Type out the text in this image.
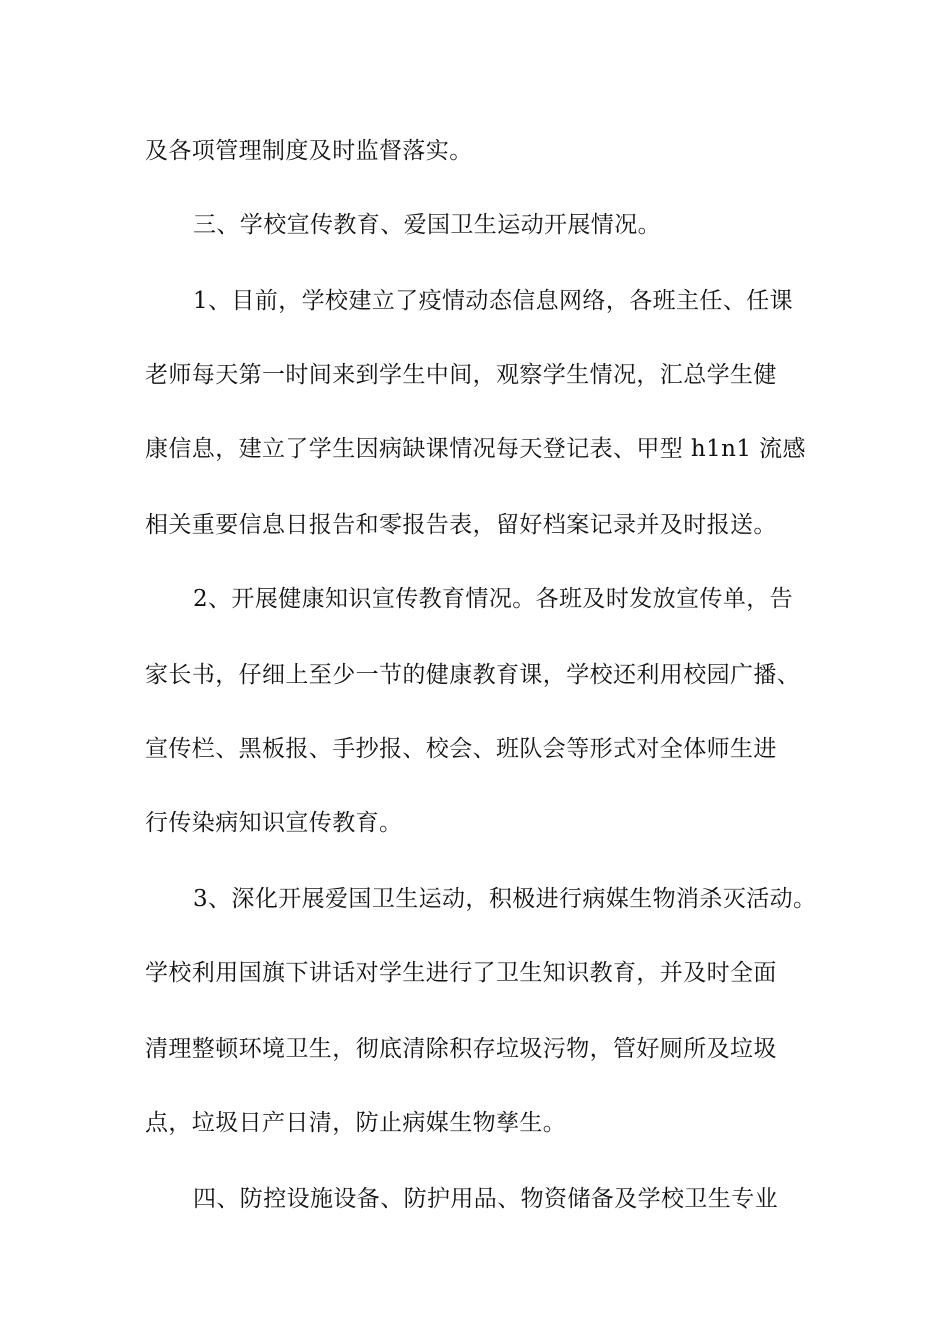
及各项管理制度及时监督落实。
三、学校宣传教育、爱国卫生运动开展情况。
1、目前，学校建立了疫情动态信息网络，各班主任、任课
老师每天第一时间来到学生中间，观察学生情况，汇总学生健
康信息，建立了学生因病缺课情况每天登记表、甲型 h1n1 流感
相关重要信息日报告和零报告表，留好档案记录并及时报送。
2、开展健康知识宣传教育情况。各班及时发放宣传单，告
家长书，仔细上至少一节的健康教育课，学校还利用校园广播、
宣传栏、黑板报、手抄报、校会、班队会等形式对全体师生进
行传染病知识宣传教育。
3、深化开展爱国卫生运动，积极进行病媒生物消杀灭活动。
学校利用国旗下讲话对学生进行了卫生知识教育，并及时全面
清理整顿环境卫生，彻底清除积存垃圾污物，管好厕所及垃圾
点，垃圾日产日清，防止病媒生物孳生。
四、防控设施设备、防护用品、物资储备及学校卫生专业
